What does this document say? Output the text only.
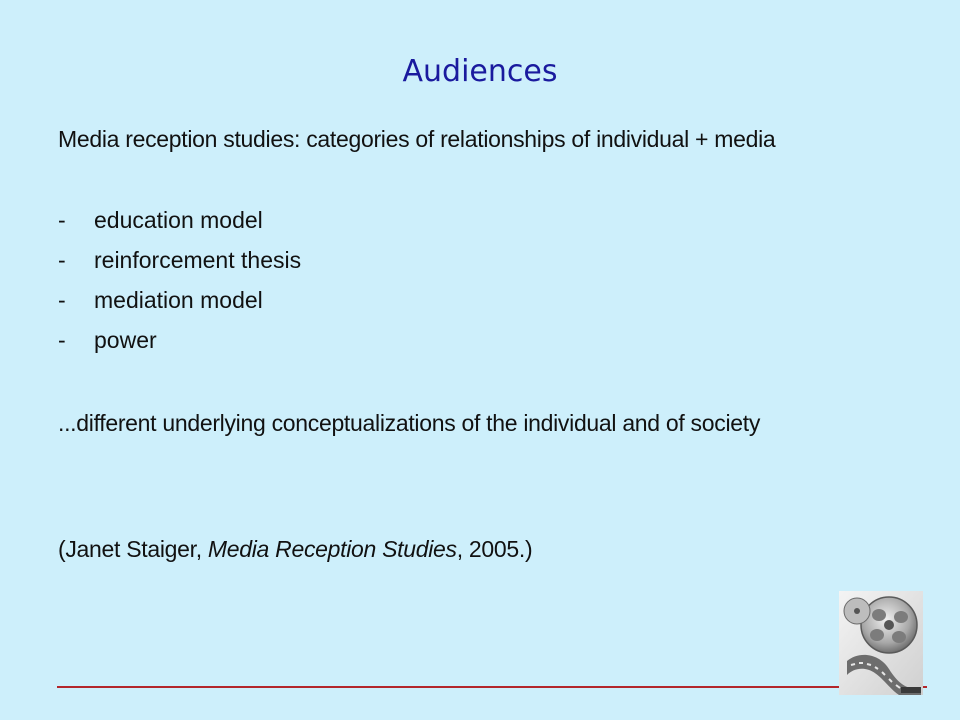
Audiences
Media reception studies: categories of relationships of individual + media
- education model
- reinforcement thesis
- mediation model
- power
...different underlying conceptualizations of the individual and of society
(Janet Staiger, Media Reception Studies, 2005.)
